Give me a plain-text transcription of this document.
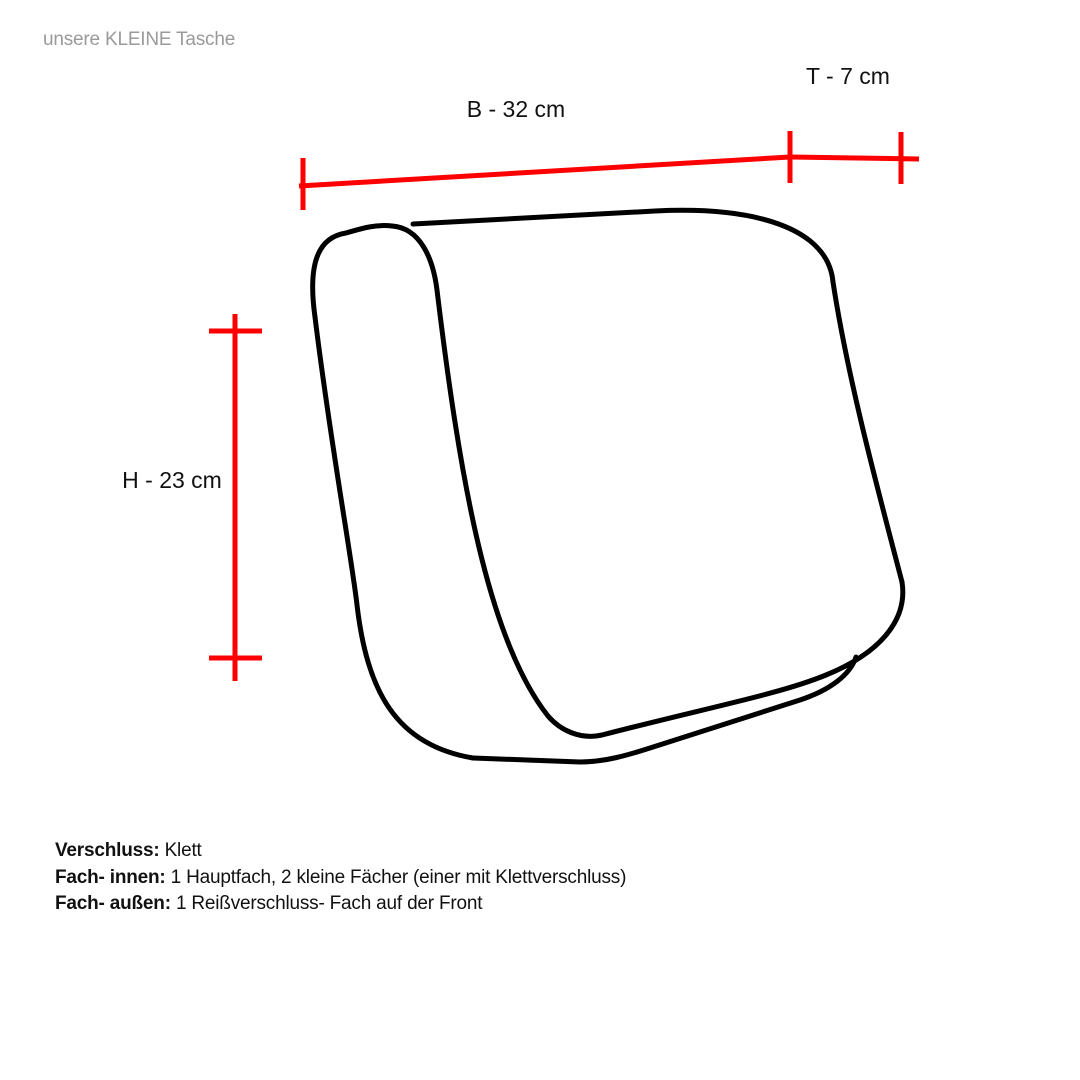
unsere KLEINE Tasche
B - 32 cm
T - 7 cm
H - 23 cm
Verschluss: Klett
Fach- innen: 1 Hauptfach, 2 kleine Fächer (einer mit Klettverschluss)
Fach- außen: 1 Reißverschluss- Fach auf der Front
